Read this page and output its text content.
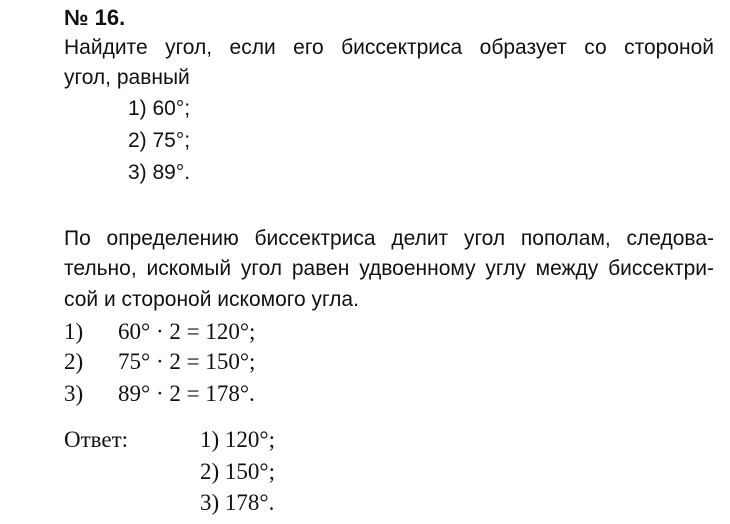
№ 16.
Найдите угол, если его биссектриса образует со стороной
угол, равный
1) 60°;
2) 75°;
3) 89°.
По определению биссектриса делит угол пополам, следова-
тельно, искомый угол равен удвоенному углу между биссектри-
сой и стороной искомого угла.
1)	60° · 2 = 120°;
2)	75° · 2 = 150°;
3)	89° · 2 = 178°.
Ответ:	1) 120°;
2) 150°;
3) 178°.
